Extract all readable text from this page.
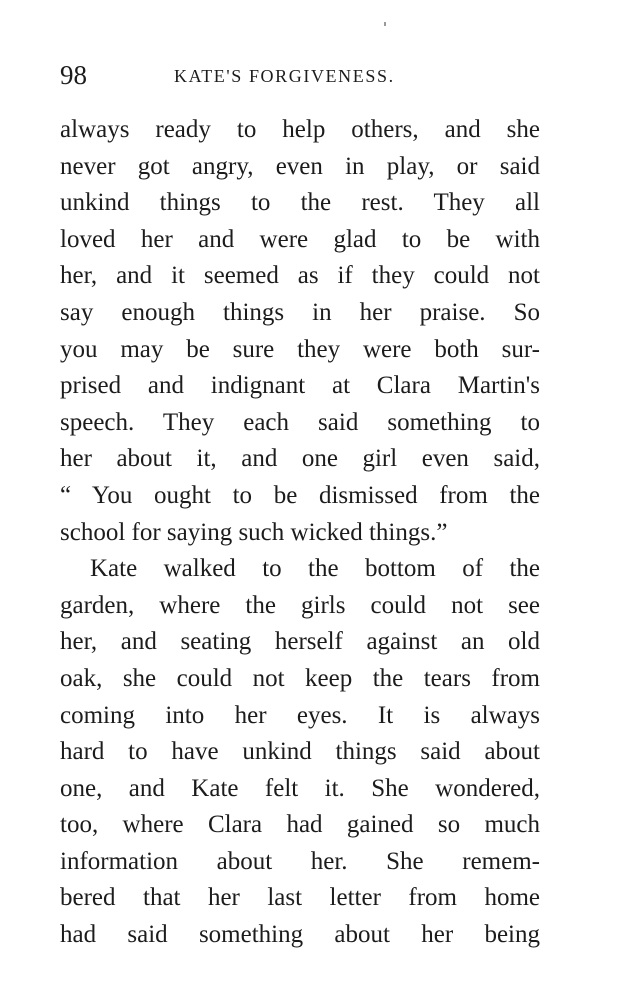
98	KATE'S FORGIVENESS.
always ready to help others, and she
never got angry, even in play, or said
unkind things to the rest. They all
loved her and were glad to be with
her, and it seemed as if they could not
say enough things in her praise. So
you may be sure they were both sur-
prised and indignant at Clara Martin's
speech. They each said something to
her about it, and one girl even said,
“ You ought to be dismissed from the
school for saying such wicked things.”
Kate walked to the bottom of the
garden, where the girls could not see
her, and seating herself against an old
oak, she could not keep the tears from
coming into her eyes. It is always
hard to have unkind things said about
one, and Kate felt it. She wondered,
too, where Clara had gained so much
information about her. She remem-
bered that her last letter from home
had said something about her being
